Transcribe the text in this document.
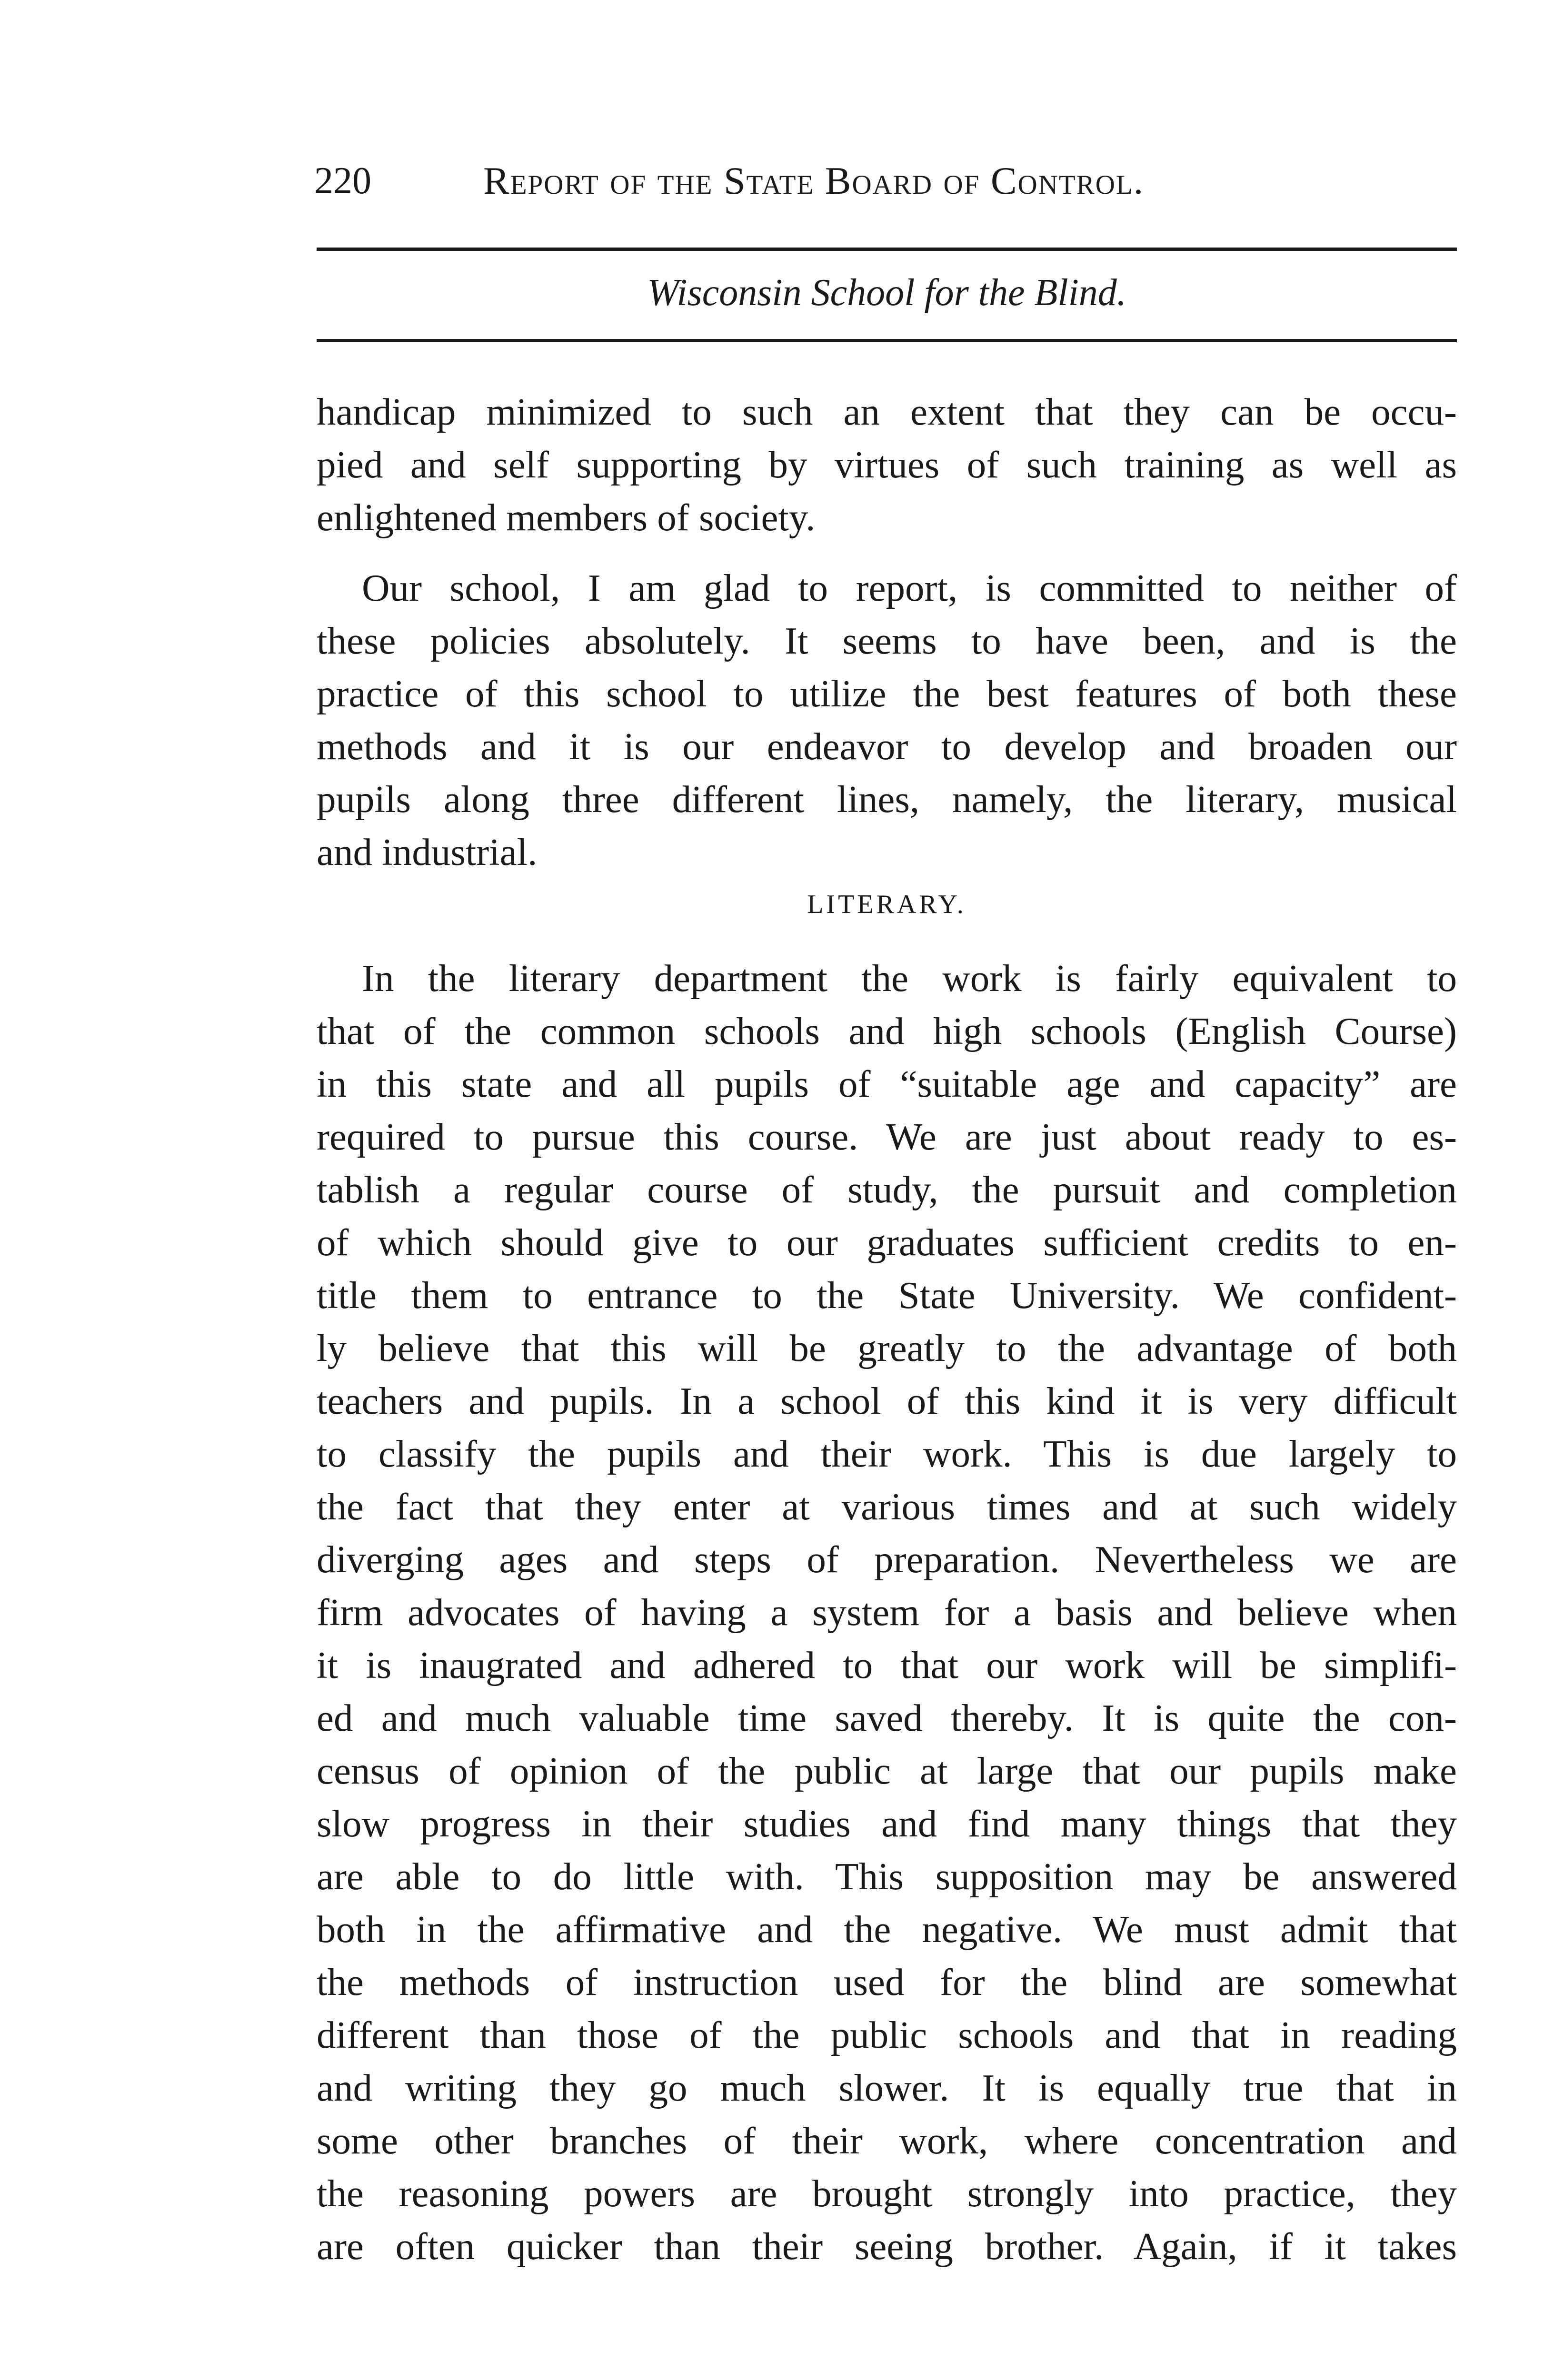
220	Report of the State Board of Control.
Wisconsin School for the Blind.
handicap minimized to such an extent that they can be occu-
pied and self supporting by virtues of such training as well as
enlightened members of society.
Our school, I am glad to report, is committed to neither of
these policies absolutely. It seems to have been, and is the
practice of this school to utilize the best features of both these
methods and it is our endeavor to develop and broaden our
pupils along three different lines, namely, the literary, musical
and industrial.
LITERARY.
In the literary department the work is fairly equivalent to
that of the common schools and high schools (English Course)
in this state and all pupils of “suitable age and capacity” are
required to pursue this course. We are just about ready to es-
tablish a regular course of study, the pursuit and completion
of which should give to our graduates sufficient credits to en-
title them to entrance to the State University. We confident-
ly believe that this will be greatly to the advantage of both
teachers and pupils. In a school of this kind it is very difficult
to classify the pupils and their work. This is due largely to
the fact that they enter at various times and at such widely
diverging ages and steps of preparation. Nevertheless we are
firm advocates of having a system for a basis and believe when
it is inaugrated and adhered to that our work will be simplifi-
ed and much valuable time saved thereby. It is quite the con-
census of opinion of the public at large that our pupils make
slow progress in their studies and find many things that they
are able to do little with. This supposition may be answered
both in the affirmative and the negative. We must admit that
the methods of instruction used for the blind are somewhat
different than those of the public schools and that in reading
and writing they go much slower. It is equally true that in
some other branches of their work, where concentration and
the reasoning powers are brought strongly into practice, they
are often quicker than their seeing brother. Again, if it takes
